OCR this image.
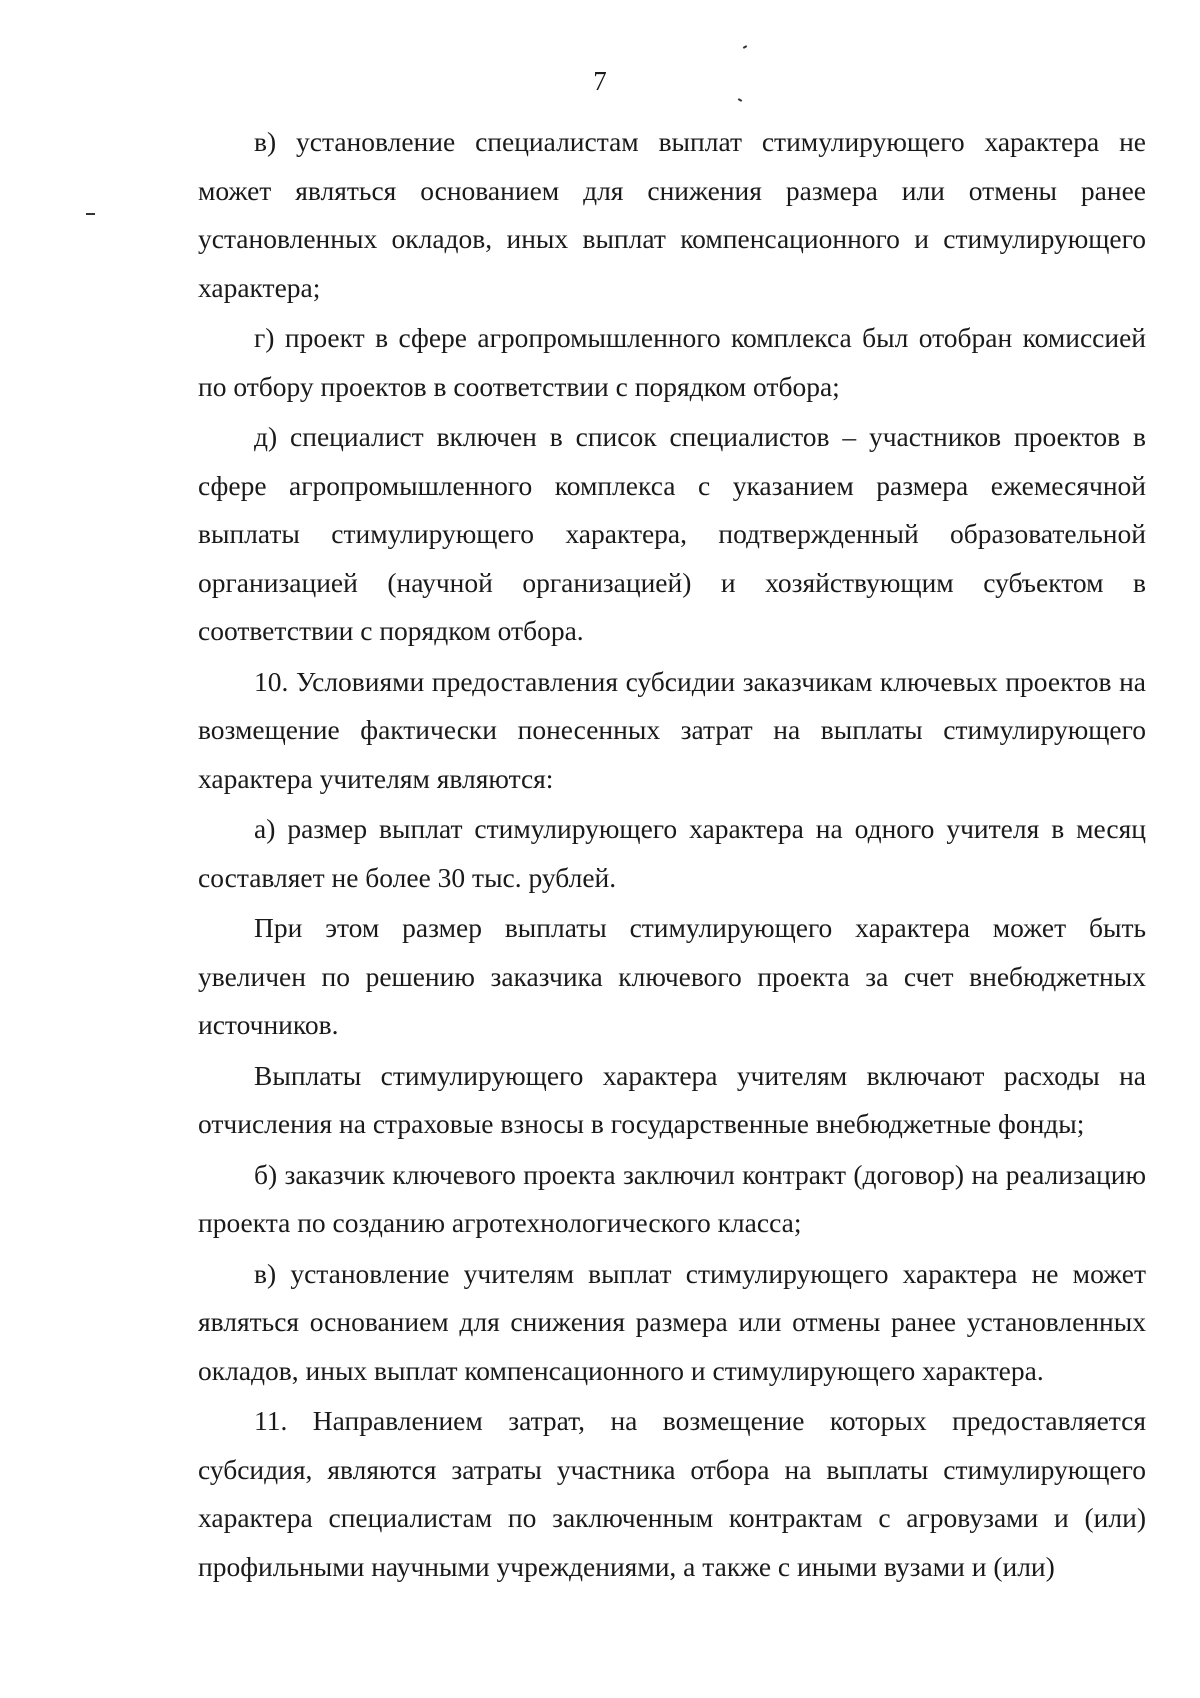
7

в) установление специалистам выплат стимулирующего характера не может являться основанием для снижения размера или отмены ранее установленных окладов, иных выплат компенсационного и стимулирующего характера;

г) проект в сфере агропромышленного комплекса был отобран комиссией по отбору проектов в соответствии с порядком отбора;

д) специалист включен в список специалистов – участников проектов в сфере агропромышленного комплекса с указанием размера ежемесячной выплаты стимулирующего характера, подтвержденный образовательной организацией (научной организацией) и хозяйствующим субъектом в соответствии с порядком отбора.

10. Условиями предоставления субсидии заказчикам ключевых проектов на возмещение фактически понесенных затрат на выплаты стимулирующего характера учителям являются:

а) размер выплат стимулирующего характера на одного учителя в месяц составляет не более 30 тыс. рублей.

При этом размер выплаты стимулирующего характера может быть увеличен по решению заказчика ключевого проекта за счет внебюджетных источников.

Выплаты стимулирующего характера учителям включают расходы на отчисления на страховые взносы в государственные внебюджетные фонды;

б) заказчик ключевого проекта заключил контракт (договор) на реализацию проекта по созданию агротехнологического класса;

в) установление учителям выплат стимулирующего характера не может являться основанием для снижения размера или отмены ранее установленных окладов, иных выплат компенсационного и стимулирующего характера.

11. Направлением затрат, на возмещение которых предоставляется субсидия, являются затраты участника отбора на выплаты стимулирующего характера специалистам по заключенным контрактам с агровузами и (или) профильными научными учреждениями, а также с иными вузами и (или)
